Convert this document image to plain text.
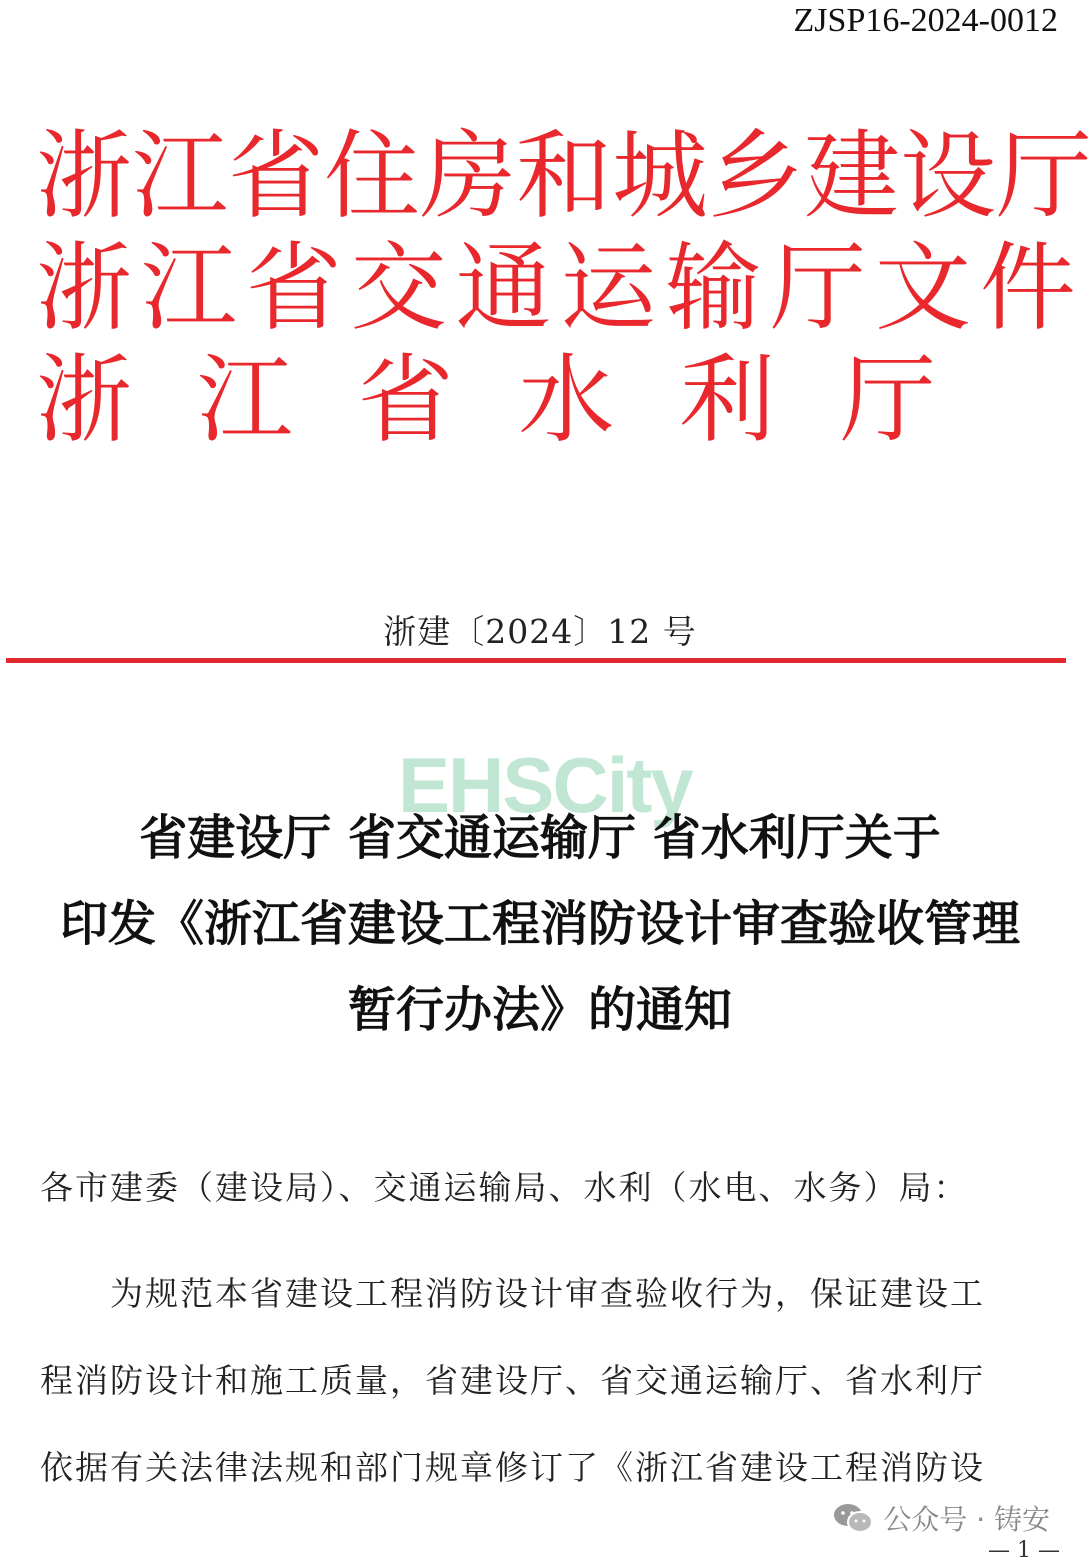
ZJSP16-2024-0012
浙 江 省 住 房 和 城 乡 建 设 厅
浙 江 省 交 通 运 输 厅 文 件
浙 江 省 水 利 厅
浙建〔2024〕12 号
EHSCity
省建设厅 省交通运输厅 省水利厅关于
印发《浙江省建设工程消防设计审查验收管理
暂行办法》的通知
各市建委（建设局）、交通运输局、水利（水电、水务）局：
　　为规范本省建设工程消防设计审查验收行为，保证建设工
程消防设计和施工质量，省建设厅、省交通运输厅、省水利厅
依据有关法律法规和部门规章修订了《浙江省建设工程消防设
公众号 · 铸安
— 1 —
